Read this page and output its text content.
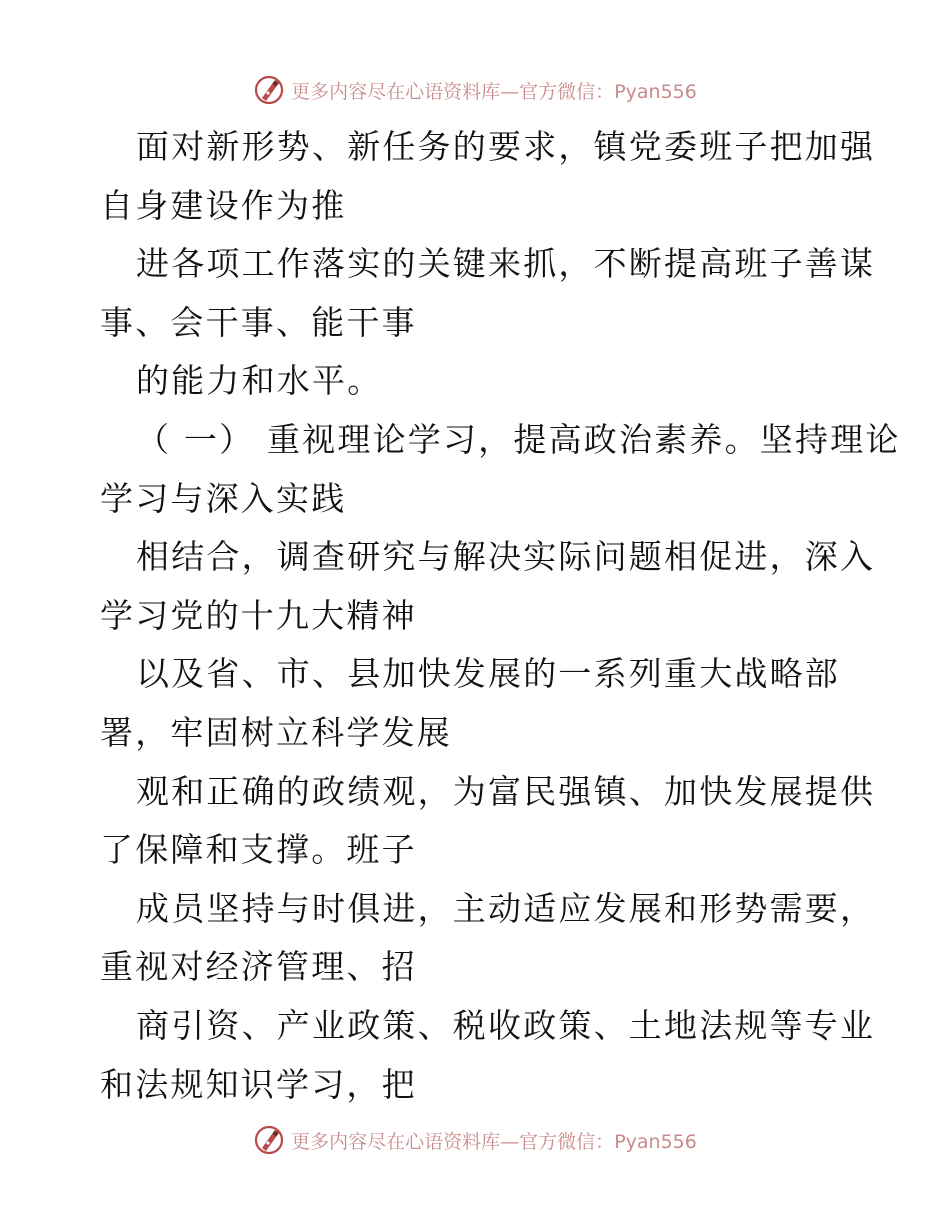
更多内容尽在心语资料库—官方微信：Pyan556
面对新形势、新任务的要求，镇党委班子把加强
自身建设作为推
进各项工作落实的关键来抓，不断提高班子善谋
事、会干事、能干事
的能力和水平。
（ 一） 重视理论学习，提高政治素养。坚持理论
学习与深入实践
相结合，调查研究与解决实际问题相促进，深入
学习党的十九大精神
以及省、市、县加快发展的一系列重大战略部
署，牢固树立科学发展
观和正确的政绩观，为富民强镇、加快发展提供
了保障和支撑。班子
成员坚持与时俱进，主动适应发展和形势需要，
重视对经济管理、招
商引资、产业政策、税收政策、土地法规等专业
和法规知识学习，把
更多内容尽在心语资料库—官方微信：Pyan556
